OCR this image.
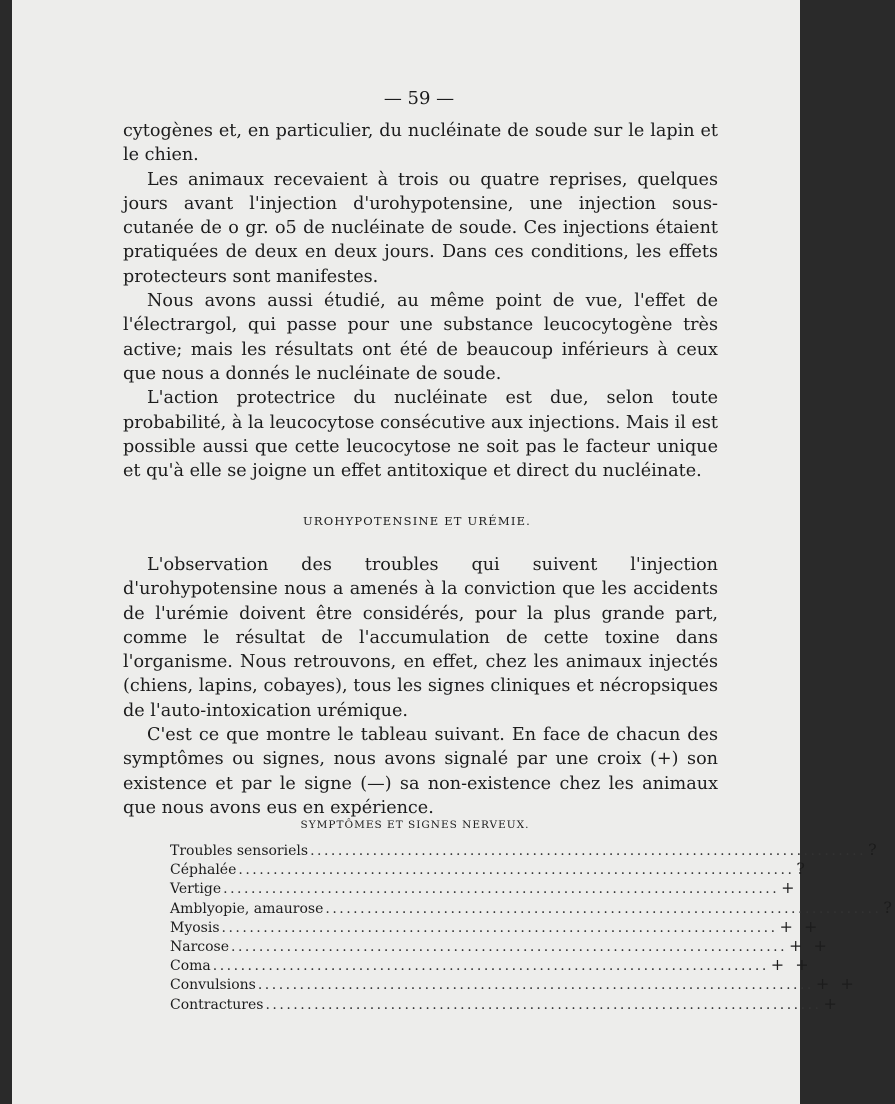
— 59 —

cytogènes et, en particulier, du nucléinate de soude sur le lapin et le chien.

Les animaux recevaient à trois ou quatre reprises, quelques jours avant l'injection d'urohypotensine, une injection sous-cutanée de o gr. o5 de nucléinate de soude. Ces injections étaient pratiquées de deux en deux jours. Dans ces conditions, les effets protecteurs sont manifestes.

Nous avons aussi étudié, au même point de vue, l'effet de l'électrargol, qui passe pour une substance leucocytogène très active; mais les résultats ont été de beaucoup inférieurs à ceux que nous a donnés le nucléinate de soude.

L'action protectrice du nucléinate est due, selon toute probabilité, à la leucocytose consécutive aux injections. Mais il est possible aussi que cette leucocytose ne soit pas le facteur unique et qu'à elle se joigne un effet antitoxique et direct du nucléinate.

UROHYPOTENSINE ET URÉMIE.

L'observation des troubles qui suivent l'injection d'urohypotensine nous a amenés à la conviction que les accidents de l'urémie doivent être considérés, pour la plus grande part, comme le résultat de l'accumulation de cette toxine dans l'organisme. Nous retrouvons, en effet, chez les animaux injectés (chiens, lapins, cobayes), tous les signes cliniques et nécropsiques de l'auto-intoxication urémique.

C'est ce que montre le tableau suivant. En face de chacun des symptômes ou signes, nous avons signalé par une croix (+) son existence et par le signe (—) sa non-existence chez les animaux que nous avons eus en expérience.

SYMPTÔMES ET SIGNES NERVEUX.
Troubles sensoriels ................................................................................ ?
Céphalée ................................................................................ ?
Vertige ................................................................................ +
Amblyopie, amaurose ................................................................................ ?
Myosis ................................................................................ + +
Narcose ................................................................................ + +
Coma ................................................................................ + +
Convulsions ................................................................................ + +
Contractures ................................................................................ +
